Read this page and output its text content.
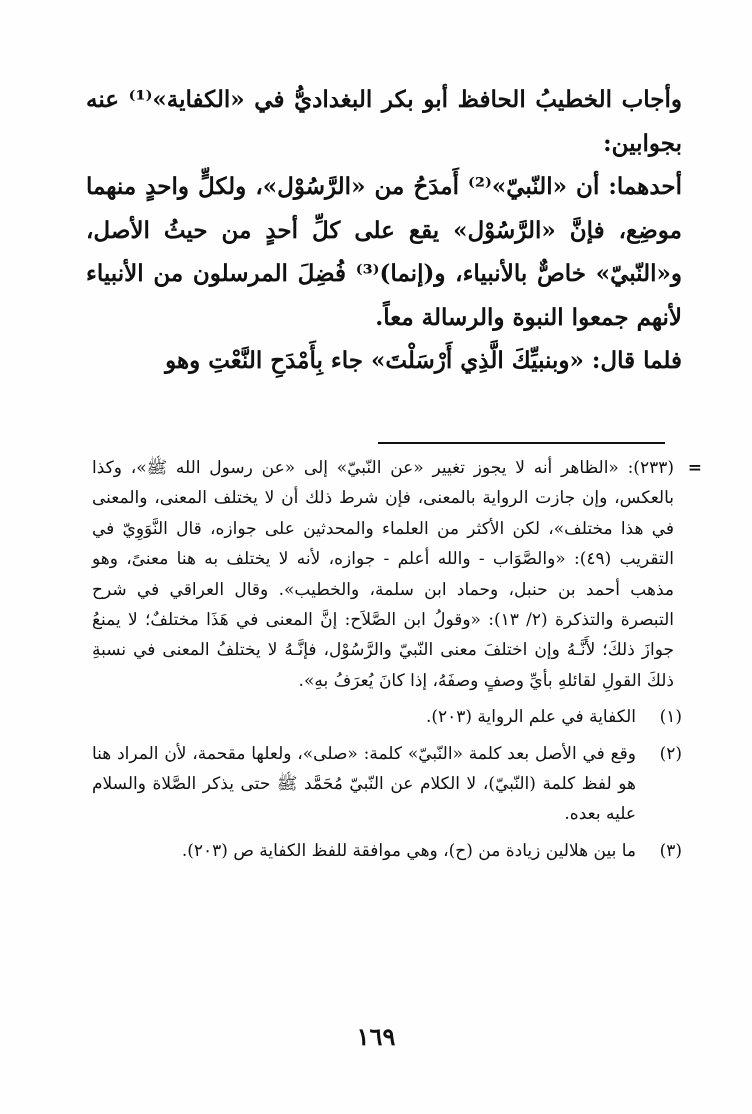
وأجاب الخطيبُ الحافظ أبو بكر البغداديُّ في «الكفاية»⁽¹⁾ عنه بجوابين:

أحدهما: أن «النّبيّ»⁽²⁾ أَمدَحُ من «الرَّسُوْل»، ولكلٍّ واحدٍ منهما موضِع، فإنَّ «الرَّسُوْل» يقع على كلِّ أحدٍ من حيثُ الأصل، و«النّبيّ» خاصٌّ بالأنبياء، و(إنما)⁽³⁾ فُضِلَ المرسلون من الأنبياء لأنهم جمعوا النبوة والرسالة معاً.

فلما قال: «وبنبيِّكَ الَّذِي أَرْسَلْتَ» جاء بِأَمْدَحِ النَّعْتِ وهو

=
(٢٣٣): «الظاهر أنه لا يجوز تغيير «عن النّبيّ» إلى «عن رسول الله ﷺ»، وكذا بالعكس، وإن جازت الرواية بالمعنى، فإن شرط ذلك أن لا يختلف المعنى، والمعنى في هذا مختلف»، لكن الأكثر من العلماء والمحدثين على جوازه، قال النَّوَوِيّ في التقريب (٤٩): «والصَّوَاب - والله أعلم - جوازه، لأنه لا يختلف به هنا معنىً، وهو مذهب أحمد بن حنبل، وحماد ابن سلمة، والخطيب». وقال العراقي في شرح التبصرة والتذكرة (٢/ ١٣): «وقولُ ابن الصَّلاَح: إنَّ المعنى في هَذَا مختلفٌ؛ لا يمنعُ جوازَ ذلكَ؛ لأَنَّـهُ وإن اختلفَ معنى النّبيّ والرَّسُوْل، فإنَّـهُ لا يختلفُ المعنى في نسبةِ ذلكَ القولِ لقائلهِ بأيِّ وصفٍ وصفَهُ، إذا كانَ يُعرَفُ بهِ».
(١)
الكفاية في علم الرواية (٢٠٣).
(٢)
وقع في الأصل بعد كلمة «النّبيّ» كلمة: «صلى»، ولعلها مقحمة، لأن المراد هنا هو لفظ كلمة (النّبيّ)، لا الكلام عن النّبيّ مُحَمَّد ﷺ حتى يذكر الصَّلاة والسلام عليه بعده.
(٣)
ما بين هلالين زيادة من (ح)، وهي موافقة للفظ الكفاية ص (٢٠٣).
١٦٩
